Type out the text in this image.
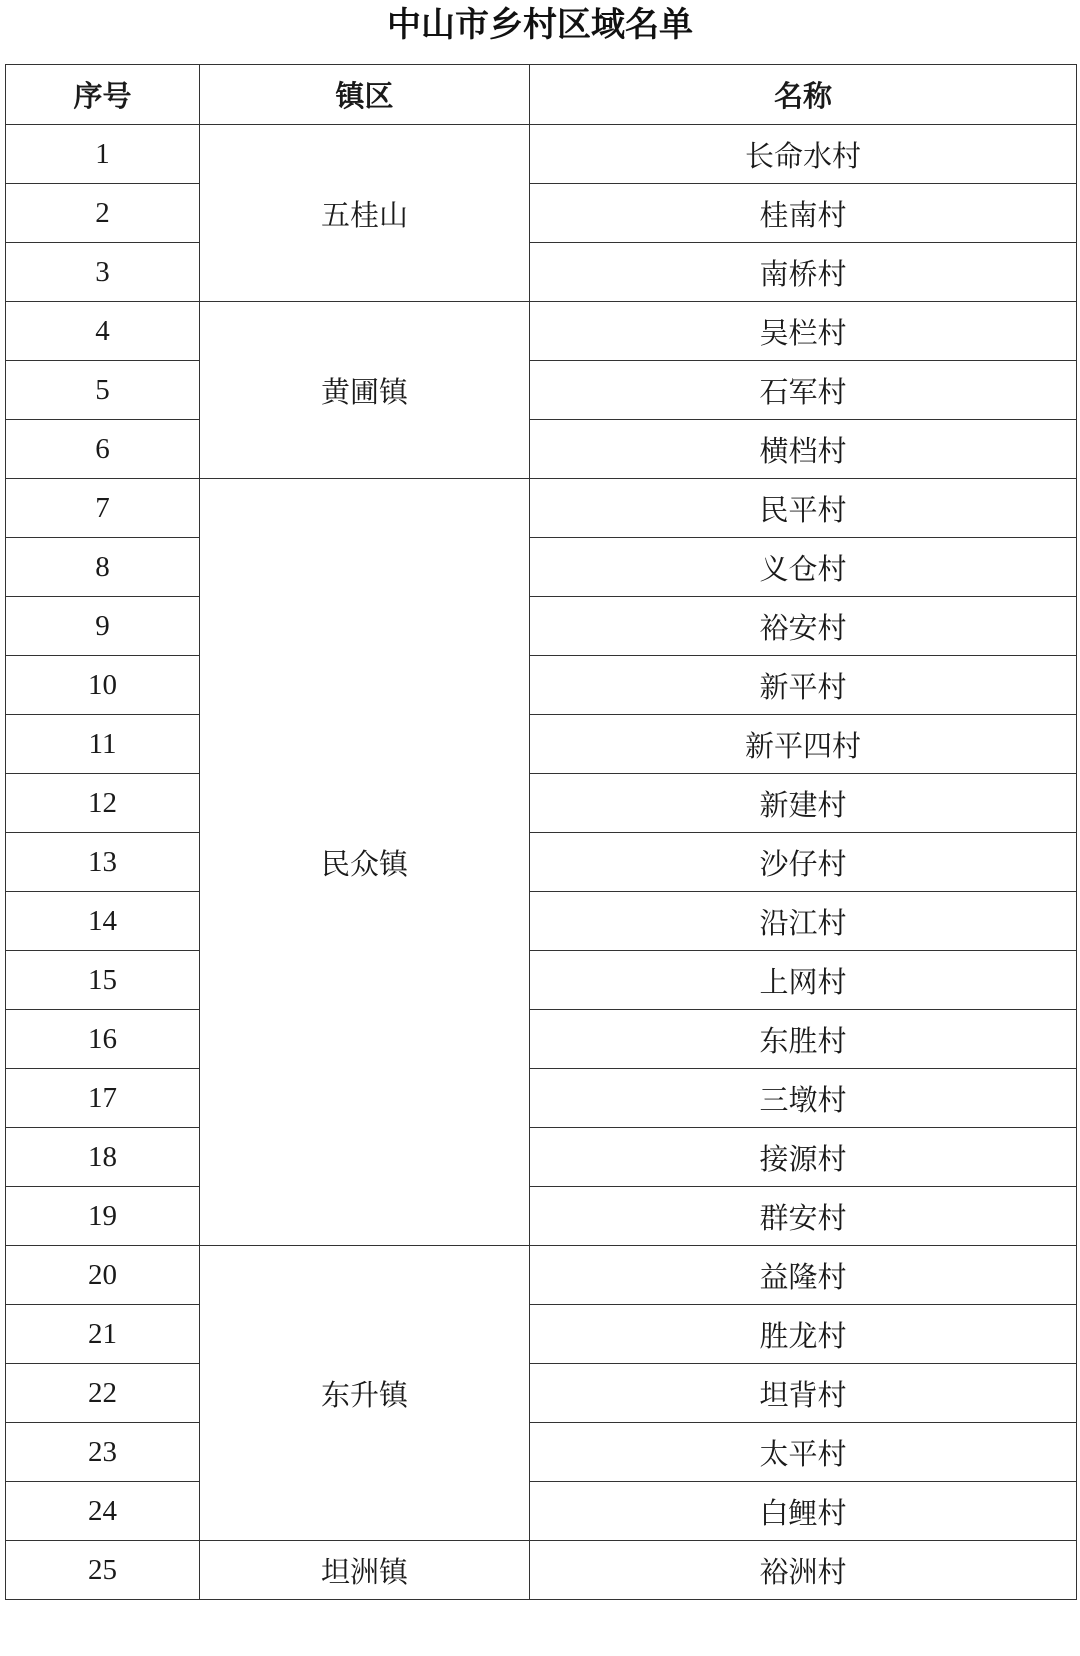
中山市乡村区域名单
序号	镇区	名称
1	五桂山	长命水村
2		桂南村
3		南桥村
4	黄圃镇	吴栏村
5		石军村
6		横档村
7	民众镇	民平村
8		义仓村
9		裕安村
10		新平村
11		新平四村
12		新建村
13		沙仔村
14		沿江村
15		上网村
16		东胜村
17		三墩村
18		接源村
19		群安村
20	东升镇	益隆村
21		胜龙村
22		坦背村
23		太平村
24		白鲤村
25	坦洲镇	裕洲村
